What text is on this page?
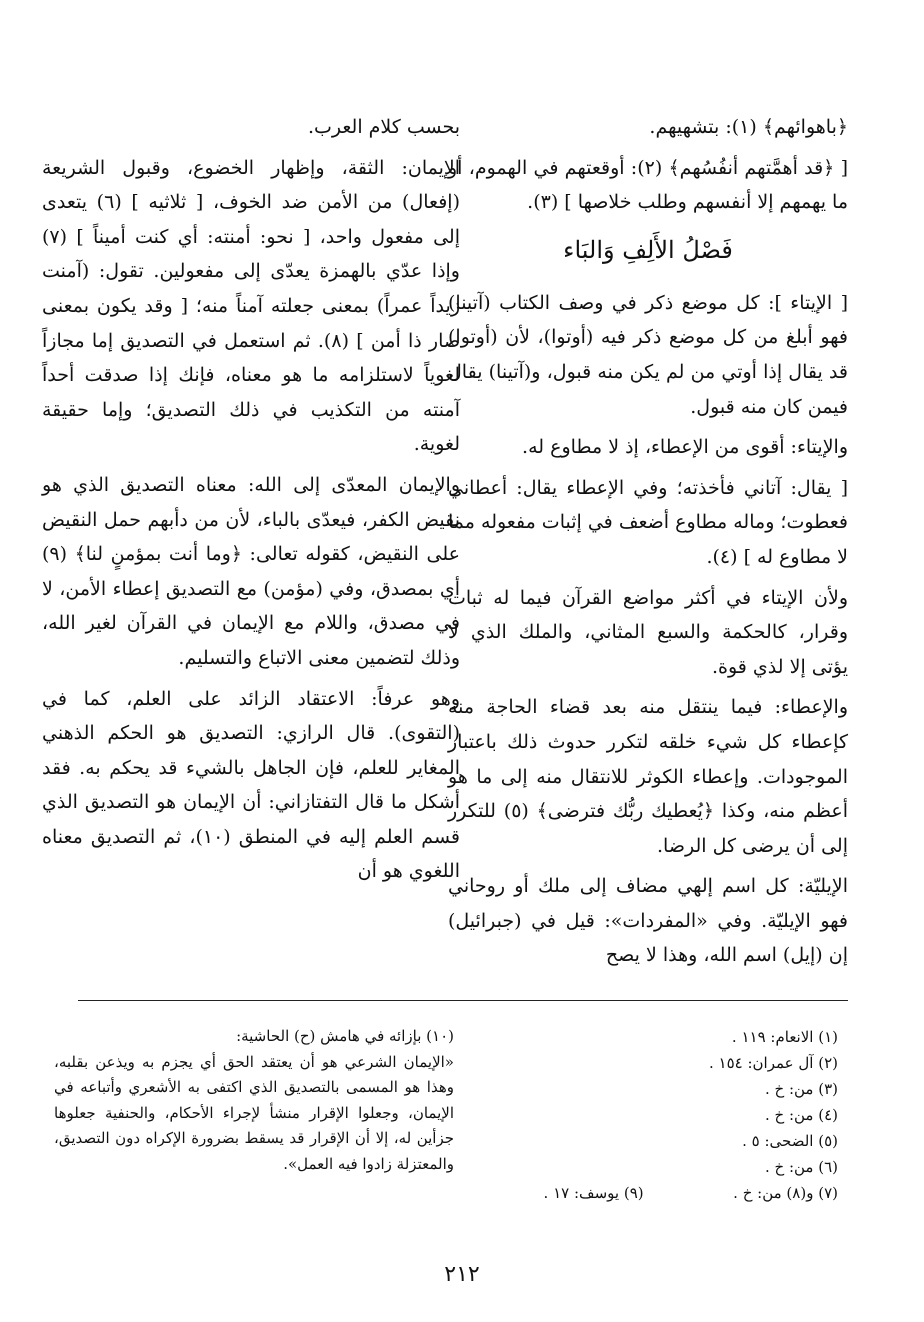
﴿باهوائهم﴾ (١): بتشهيهم.

[ ﴿قد أهمَّتهم أنفُسُهم﴾ (٢): أوقعتهم في الهموم، أو ما يهمهم إلا أنفسهم وطلب خلاصها ] (٣).

فَصْلُ الأَلِفِ وَالبَاء

[ الإيتاء ]: كل موضع ذكر في وصف الكتاب (آتينا) فهو أبلغ من كل موضع ذكر فيه (أوتوا)، لأن (أوتوا) قد يقال إذا أوتي من لم يكن منه قبول، و(آتينا) يقال فيمن كان منه قبول.

والإيتاء: أقوى من الإعطاء، إذ لا مطاوع له.

[ يقال: آتاني فأخذته؛ وفي الإعطاء يقال: أعطاني فعطوت؛ وماله مطاوع أضعف في إثبات مفعوله مما لا مطاوع له ] (٤).

ولأن الإيتاء في أكثر مواضع القرآن فيما له ثبات وقرار، كالحكمة والسبع المثاني، والملك الذي لا يؤتى إلا لذي قوة.

والإعطاء: فيما ينتقل منه بعد قضاء الحاجة منه كإعطاء كل شيء خلقه لتكرر حدوث ذلك باعتبار الموجودات. وإعطاء الكوثر للانتقال منه إلى ما هو أعظم منه، وكذا ﴿يُعطيك ربُّك فترضى﴾ (٥) للتكرر إلى أن يرضى كل الرضا.

الإيليّة: كل اسم إلهي مضاف إلى ملك أو روحاني فهو الإيليّة. وفي «المفردات»: قيل في (جبرائيل) إن (إيل) اسم الله، وهذا لا يصح

بحسب كلام العرب.

الإيمان: الثقة، وإظهار الخضوع، وقبول الشريعة (إفعال) من الأمن ضد الخوف، [ ثلاثيه ] (٦) يتعدى إلى مفعول واحد، [ نحو: أمنته: أي كنت أميناً ] (٧) وإذا عدّي بالهمزة يعدّى إلى مفعولين. تقول: (آمنت زيداً عمراً) بمعنى جعلته آمناً منه؛ [ وقد يكون بمعنى صار ذا أمن ] (٨). ثم استعمل في التصديق إما مجازاً لغوياً لاستلزامه ما هو معناه، فإنك إذا صدقت أحداً آمنته من التكذيب في ذلك التصديق؛ وإما حقيقة لغوية.

والإيمان المعدّى إلى الله: معناه التصديق الذي هو نقيض الكفر، فيعدّى بالباء، لأن من دأبهم حمل النقيض على النقيض، كقوله تعالى: ﴿وما أنت بمؤمنٍ لنا﴾ (٩) أي بمصدق، وفي (مؤمن) مع التصديق إعطاء الأمن، لا في مصدق، واللام مع الإيمان في القرآن لغير الله، وذلك لتضمين معنى الاتباع والتسليم.

وهو عرفاً: الاعتقاد الزائد على العلم، كما في (التقوى). قال الرازي: التصديق هو الحكم الذهني المغاير للعلم، فإن الجاهل بالشيء قد يحكم به. فقد أشكل ما قال التفتازاني: أن الإيمان هو التصديق الذي قسم العلم إليه في المنطق (١٠)، ثم التصديق معناه اللغوي هو أن

(١) الانعام: ١١٩ .
(٢) آل عمران: ١٥٤ .
(٣) من: خ .
(٤) من: خ .
(٥) الضحى: ٥ .
(٦) من: خ .
(٧) و(٨) من: خ .  (٩) يوسف: ١٧ .
(١٠) بإزائه في هامش (ح) الحاشية:
«الإيمان الشرعي هو أن يعتقد الحق أي يجزم به ويذعن بقلبه، وهذا هو المسمى بالتصديق الذي اكتفى به الأشعري وأتباعه في الإيمان، وجعلوا الإقرار منشأ لإجراء الأحكام، والحنفية جعلوها جزأين له، إلا أن الإقرار قد يسقط بضرورة الإكراه دون التصديق، والمعتزلة زادوا فيه العمل».
٢١٢
